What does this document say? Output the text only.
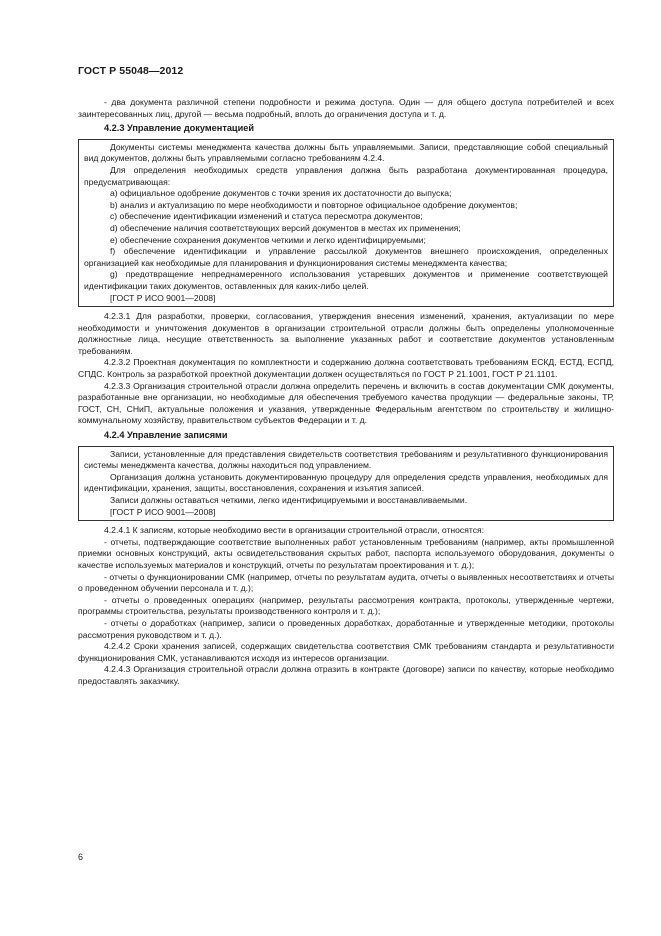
ГОСТ Р 55048—2012

- два документа различной степени подробности и режима доступа. Один — для общего доступа потребителей и всех заинтересованных лиц, другой — весьма подробный, вплоть до ограничения доступа и т. д.

4.2.3 Управление документацией

Документы системы менеджмента качества должны быть управляемыми. Записи, представляющие собой специальный вид документов, должны быть управляемыми согласно требованиям 4.2.4.

Для определения необходимых средств управления должна быть разработана документированная процедура, предусматривающая:

a) официальное одобрение документов с точки зрения их достаточности до выпуска;

b) анализ и актуализацию по мере необходимости и повторное официальное одобрение документов;

c) обеспечение идентификации изменений и статуса пересмотра документов;

d) обеспечение наличия соответствующих версий документов в местах их применения;

e) обеспечение сохранения документов четкими и легко идентифицируемыми;

f) обеспечение идентификации и управление рассылкой документов внешнего происхождения, определенных организацией как необходимые для планирования и функционирования системы менеджмента качества;

g) предотвращение непреднамеренного использования устаревших документов и применение соответствующей идентификации таких документов, оставленных для каких-либо целей.

[ГОСТ Р ИСО 9001—2008]

4.2.3.1 Для разработки, проверки, согласования, утверждения внесения изменений, хранения, актуализации по мере необходимости и уничтожения документов в организации строительной отрасли должны быть определены уполномоченные должностные лица, несущие ответственность за выполнение указанных работ и соответствие документов установленным требованиям.

4.2.3.2 Проектная документация по комплектности и содержанию должна соответствовать требованиям ЕСКД, ЕСТД, ЕСПД, СПДС. Контроль за разработкой проектной документации должен осуществляться по ГОСТ Р 21.1001, ГОСТ Р 21.1101.

4.2.3.3 Организация строительной отрасли должна определить перечень и включить в состав документации СМК документы, разработанные вне организации, но необходимые для обеспечения требуемого качества продукции — федеральные законы, ТР, ГОСТ, СН, СНиП, актуальные положения и указания, утвержденные Федеральным агентством по строительству и жилищно-коммунальному хозяйству, правительством субъектов Федерации и т. д.

4.2.4 Управление записями

Записи, установленные для представления свидетельств соответствия требованиям и результативного функционирования системы менеджмента качества, должны находиться под управлением.

Организация должна установить документированную процедуру для определения средств управления, необходимых для идентификации, хранения, защиты, восстановления, сохранения и изъятия записей.

Записи должны оставаться четкими, легко идентифицируемыми и восстанавливаемыми.

[ГОСТ Р ИСО 9001—2008]

4.2.4.1 К записям, которые необходимо вести в организации строительной отрасли, относятся:

- отчеты, подтверждающие соответствие выполненных работ установленным требованиям (например, акты промышленной приемки основных конструкций, акты освидетельствования скрытых работ, паспорта используемого оборудования, документы о качестве используемых материалов и конструкций, отчеты по результатам проектирования и т. д.);

- отчеты о функционировании СМК (например, отчеты по результатам аудита, отчеты о выявленных несоответствиях и отчеты о проведенном обучении персонала и т. д.);

- отчеты о проведенных операциях (например, результаты рассмотрения контракта, протоколы, утвержденные чертежи, программы строительства, результаты производственного контроля и т. д.);

- отчеты о доработках (например, записи о проведенных доработках, доработанные и утвержденные методики, протоколы рассмотрения руководством и т. д.).

4.2.4.2 Сроки хранения записей, содержащих свидетельства соответствия СМК требованиям стандарта и результативности функционирования СМК, устанавливаются исходя из интересов организации.

4.2.4.3 Организация строительной отрасли должна отразить в контракте (договоре) записи по качеству, которые необходимо предоставлять заказчику.

6
